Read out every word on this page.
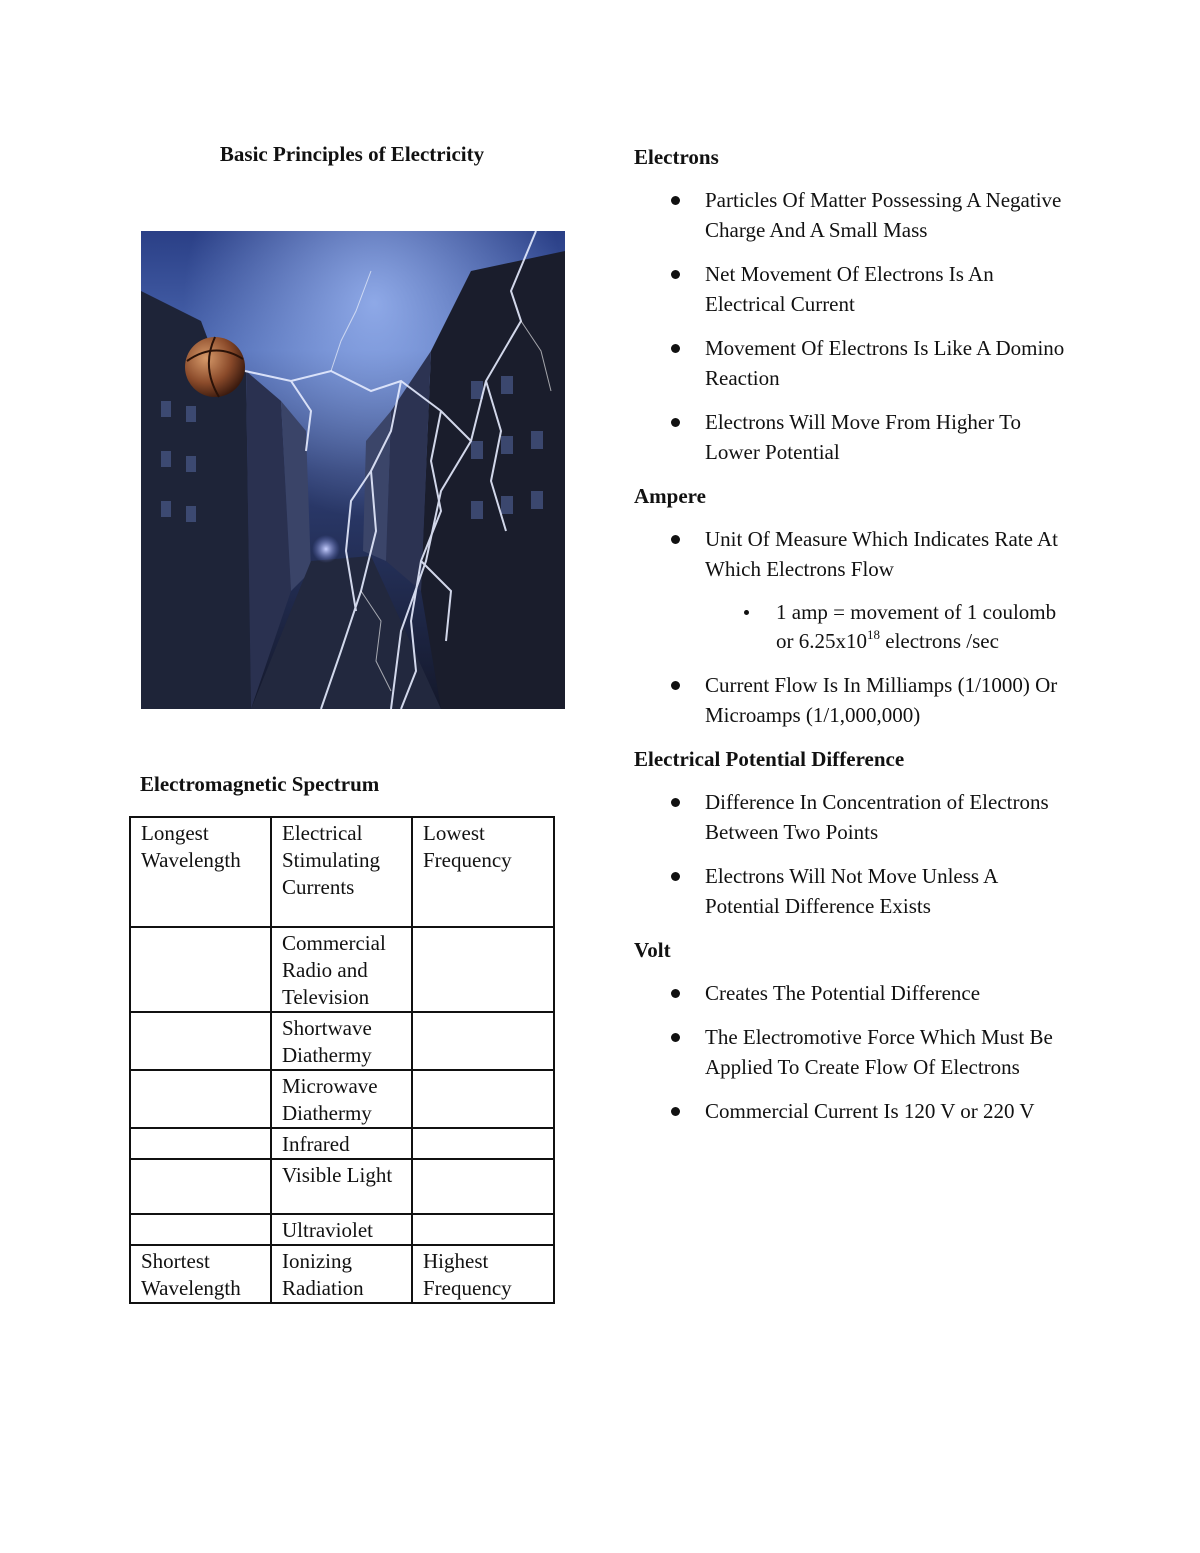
Basic Principles of Electricity
Electromagnetic Spectrum
Longest Wavelength	Electrical Stimulating Currents	Lowest Frequency
	Commercial Radio and Television	
	Shortwave Diathermy	
	Microwave Diathermy	
	Infrared	
	Visible Light	
	Ultraviolet	
Shortest Wavelength	Ionizing Radiation	Highest Frequency
Electrons
Particles Of Matter Possessing A Negative Charge And A Small Mass
Net Movement Of Electrons Is An Electrical Current
Movement Of Electrons Is Like A Domino Reaction
Electrons Will Move From Higher To Lower Potential
Ampere
Unit Of Measure Which Indicates Rate At Which Electrons Flow
1 amp = movement of 1 coulomb or $6.25x10^{18}$ electrons /sec
Current Flow Is In Milliamps (1/1000) Or Microamps (1/1,000,000)
Electrical Potential Difference
Difference In Concentration of Electrons Between Two Points
Electrons Will Not Move Unless A Potential Difference Exists
Volt
Creates The Potential Difference
The Electromotive Force Which Must Be Applied To Create Flow Of Electrons
Commercial Current Is 120 V or 220 V
